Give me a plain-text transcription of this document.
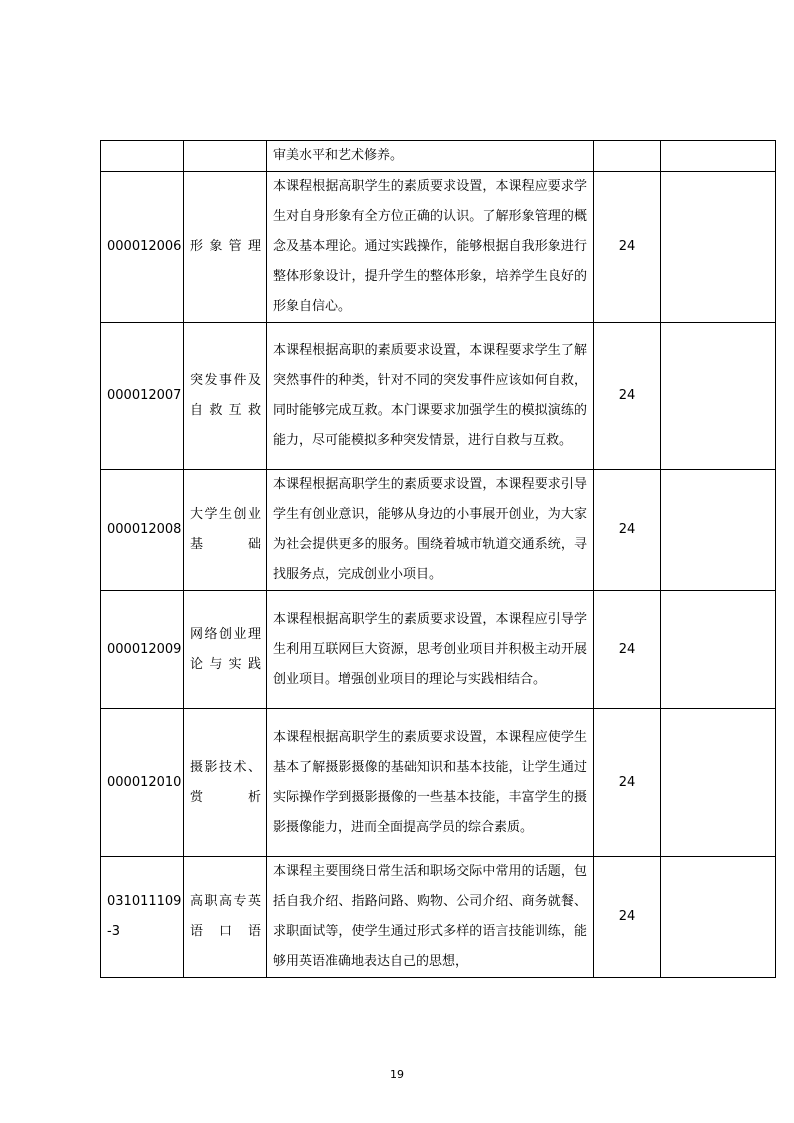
		审美水平和艺术修养。		
000012006	形象管理	本课程根据高职学生的素质要求设置，本课程应要求学生对自身形象有全方位正确的认识。了解形象管理的概念及基本理论。通过实践操作，能够根据自我形象进行整体形象设计，提升学生的整体形象，培养学生良好的形象自信心。	24	
000012007	突发事件及自救互救	本课程根据高职的素质要求设置，本课程要求学生了解突然事件的种类，针对不同的突发事件应该如何自救，同时能够完成互救。本门课要求加强学生的模拟演练的能力，尽可能模拟多种突发情景，进行自救与互救。	24	
000012008	大学生创业基础	本课程根据高职学生的素质要求设置，本课程要求引导学生有创业意识，能够从身边的小事展开创业，为大家为社会提供更多的服务。围绕着城市轨道交通系统，寻找服务点，完成创业小项目。	24	
000012009	网络创业理论与实践	本课程根据高职学生的素质要求设置，本课程应引导学生利用互联网巨大资源，思考创业项目并积极主动开展创业项目。增强创业项目的理论与实践相结合。	24	
000012010	摄影技术、赏析	本课程根据高职学生的素质要求设置，本课程应使学生基本了解摄影摄像的基础知识和基本技能，让学生通过实际操作学到摄影摄像的一些基本技能，丰富学生的摄影摄像能力，进而全面提高学员的综合素质。	24	
031011109-3	高职高专英语口语	本课程主要围绕日常生活和职场交际中常用的话题，包括自我介绍、指路问路、购物、公司介绍、商务就餐、求职面试等，使学生通过形式多样的语言技能训练，能够用英语准确地表达自己的思想，	24	
19
